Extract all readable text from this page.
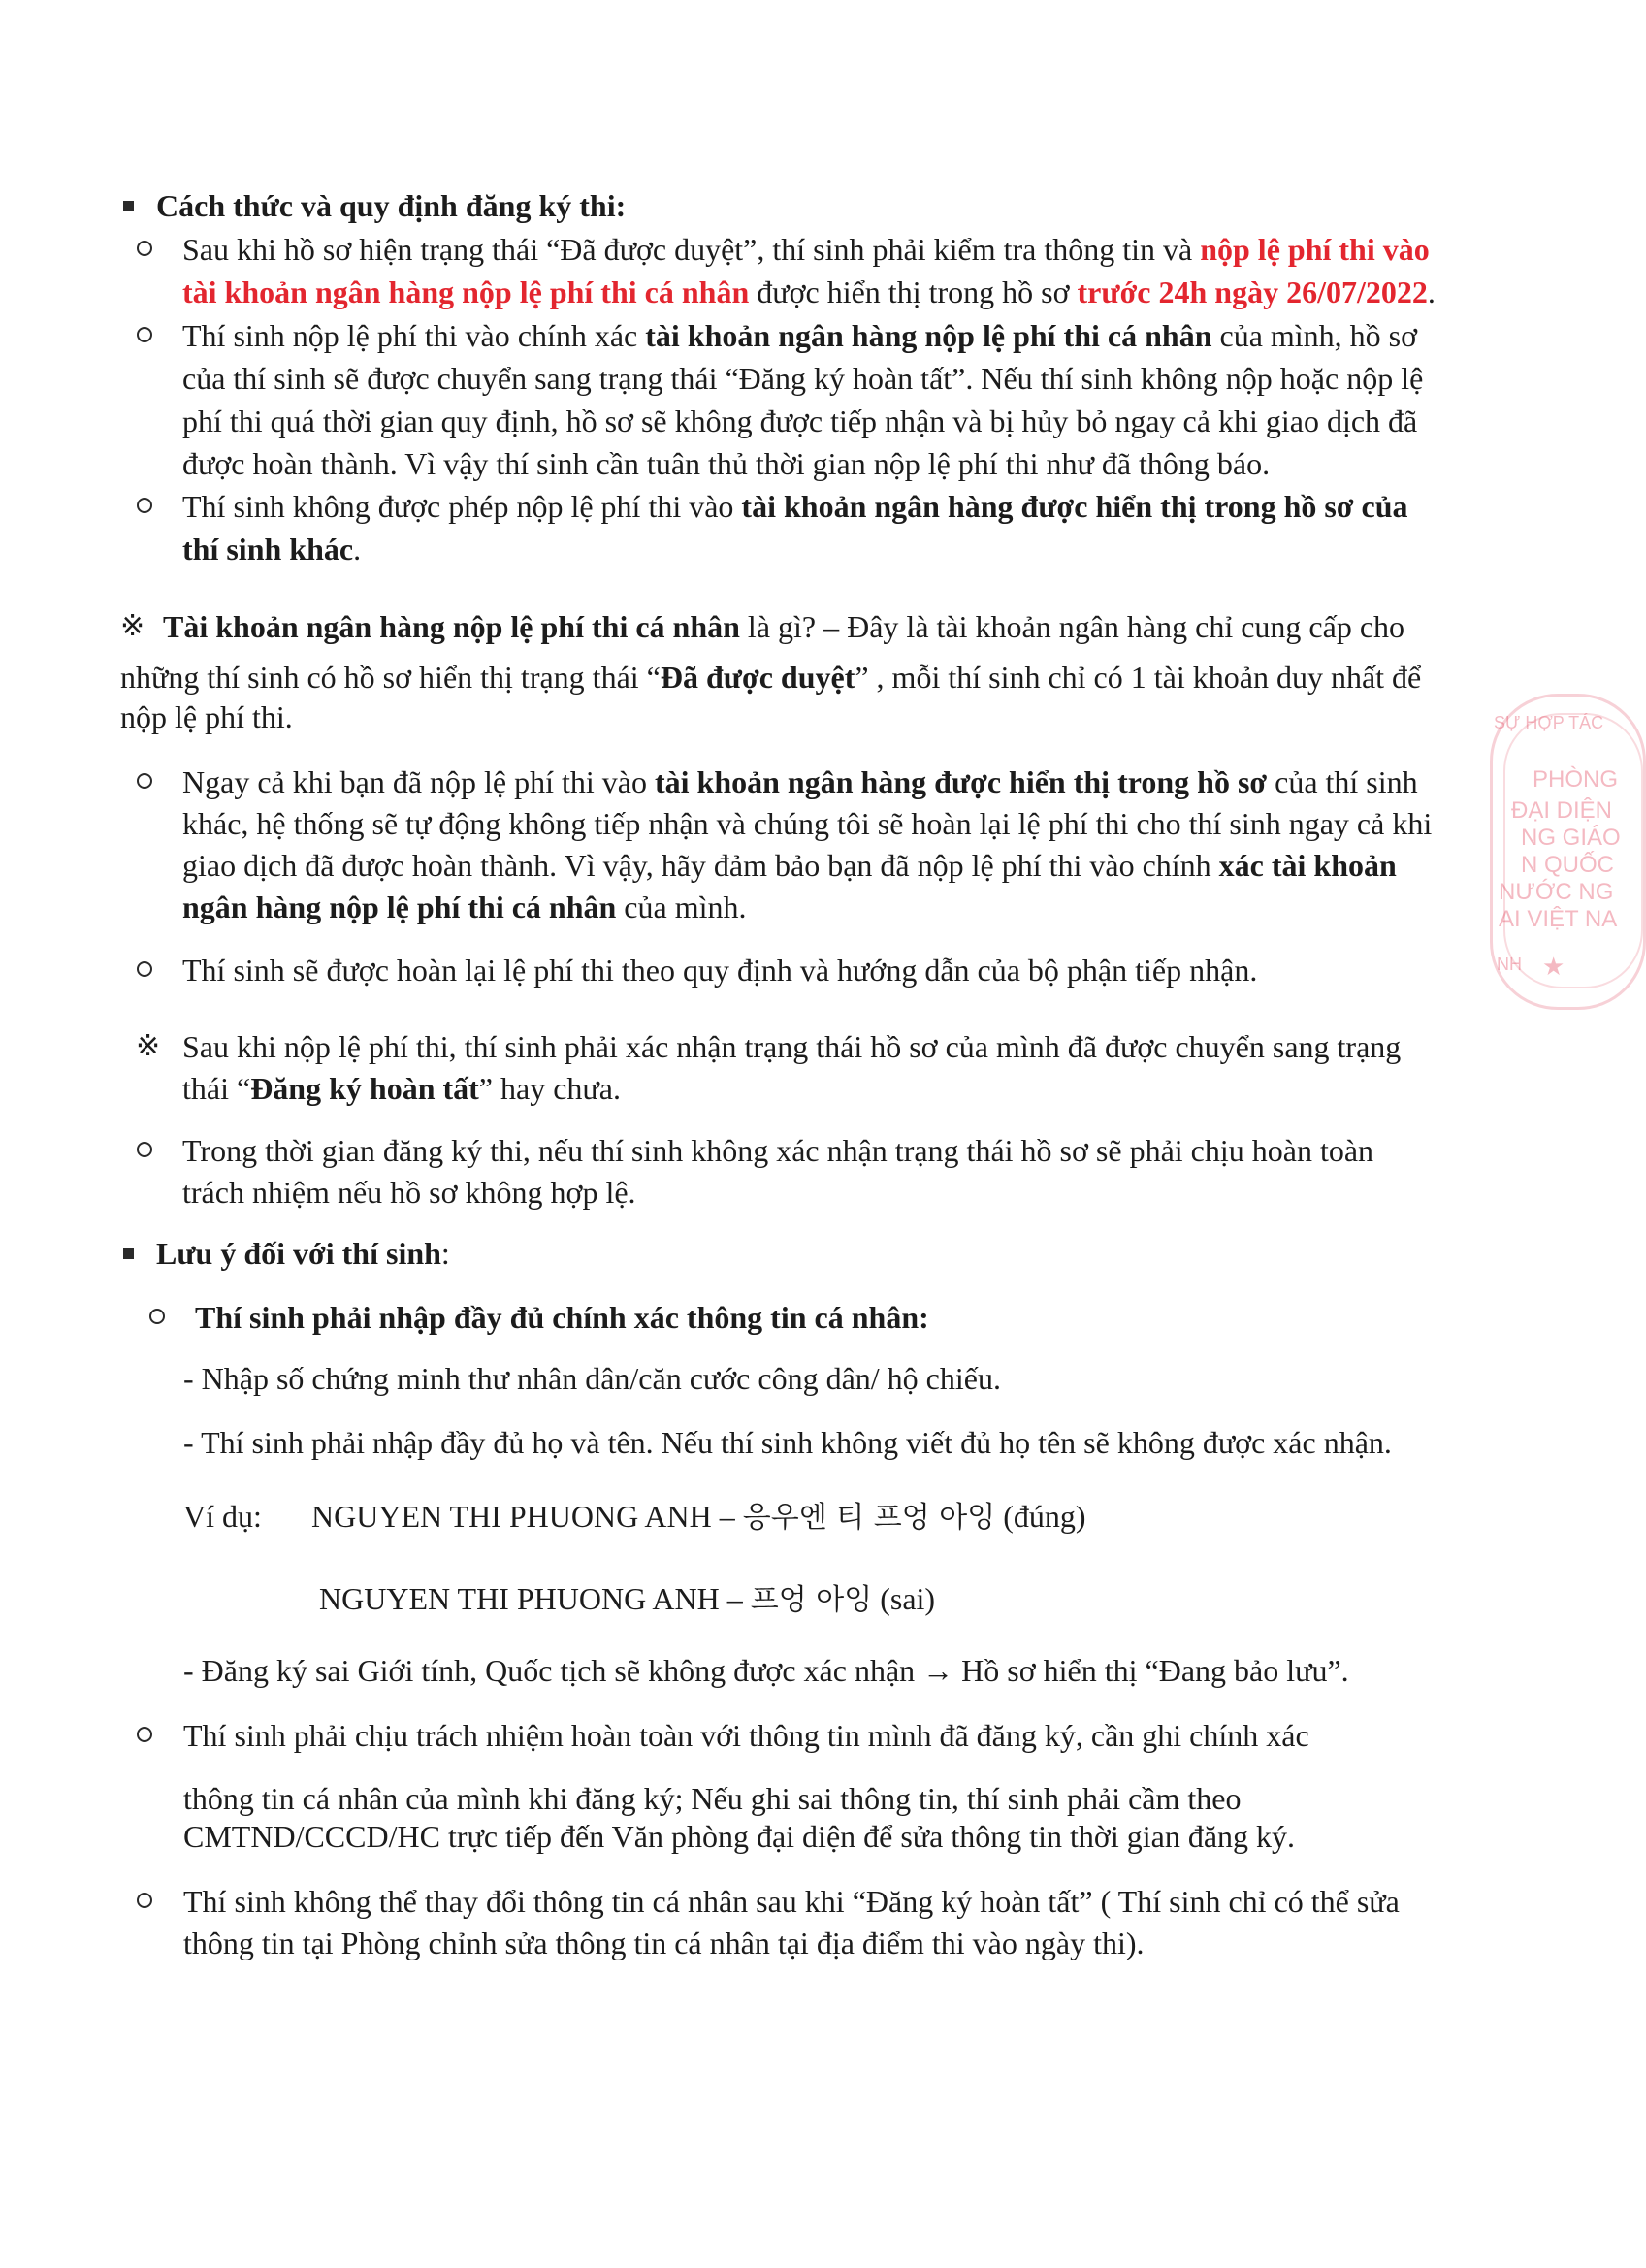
Cách thức và quy định đăng ký thi:
Sau khi hồ sơ hiện trạng thái “Đã được duyệt”, thí sinh phải kiểm tra thông tin và nộp lệ phí thi vào
tài khoản ngân hàng nộp lệ phí thi cá nhân được hiển thị trong hồ sơ trước 24h ngày 26/07/2022.
Thí sinh nộp lệ phí thi vào chính xác tài khoản ngân hàng nộp lệ phí thi cá nhân của mình, hồ sơ
của thí sinh sẽ được chuyển sang trạng thái “Đăng ký hoàn tất”. Nếu thí sinh không nộp hoặc nộp lệ
phí thi quá thời gian quy định, hồ sơ sẽ không được tiếp nhận và bị hủy bỏ ngay cả khi giao dịch đã
được hoàn thành. Vì vậy thí sinh cần tuân thủ thời gian nộp lệ phí thi như đã thông báo.
Thí sinh không được phép nộp lệ phí thi vào tài khoản ngân hàng được hiển thị trong hồ sơ của
thí sinh khác.
※ Tài khoản ngân hàng nộp lệ phí thi cá nhân là gì? – Đây là tài khoản ngân hàng chỉ cung cấp cho
những thí sinh có hồ sơ hiển thị trạng thái “Đã được duyệt” , mỗi thí sinh chỉ có 1 tài khoản duy nhất để
nộp lệ phí thi.
Ngay cả khi bạn đã nộp lệ phí thi vào tài khoản ngân hàng được hiển thị trong hồ sơ của thí sinh
khác, hệ thống sẽ tự động không tiếp nhận và chúng tôi sẽ hoàn lại lệ phí thi cho thí sinh ngay cả khi
giao dịch đã được hoàn thành. Vì vậy, hãy đảm bảo bạn đã nộp lệ phí thi vào chính xác tài khoản
ngân hàng nộp lệ phí thi cá nhân của mình.
Thí sinh sẽ được hoàn lại lệ phí thi theo quy định và hướng dẫn của bộ phận tiếp nhận.
※ Sau khi nộp lệ phí thi, thí sinh phải xác nhận trạng thái hồ sơ của mình đã được chuyển sang trạng
thái “Đăng ký hoàn tất” hay chưa.
Trong thời gian đăng ký thi, nếu thí sinh không xác nhận trạng thái hồ sơ sẽ phải chịu hoàn toàn
trách nhiệm nếu hồ sơ không hợp lệ.
Lưu ý đối với thí sinh:
Thí sinh phải nhập đầy đủ chính xác thông tin cá nhân:
- Nhập số chứng minh thư nhân dân/căn cước công dân/ hộ chiếu.
- Thí sinh phải nhập đầy đủ họ và tên. Nếu thí sinh không viết đủ họ tên sẽ không được xác nhận.
Ví dụ: NGUYEN THI PHUONG ANH – 응우엔 티 프엉 아잉 (đúng)
NGUYEN THI PHUONG ANH – 프엉 아잉 (sai)
- Đăng ký sai Giới tính, Quốc tịch sẽ không được xác nhận → Hồ sơ hiển thị “Đang bảo lưu”.
Thí sinh phải chịu trách nhiệm hoàn toàn với thông tin mình đã đăng ký, cần ghi chính xác
thông tin cá nhân của mình khi đăng ký; Nếu ghi sai thông tin, thí sinh phải cầm theo
CMTND/CCCD/HC trực tiếp đến Văn phòng đại diện để sửa thông tin thời gian đăng ký.
Thí sinh không thể thay đổi thông tin cá nhân sau khi “Đăng ký hoàn tất” ( Thí sinh chỉ có thể sửa
thông tin tại Phòng chỉnh sửa thông tin cá nhân tại địa điểm thi vào ngày thi).
SỰ HỢP TÁC
PHÒNG
ĐẠI DIỆN
NG GIÁO
N QUỐC
NƯỚC NG
AI VIỆT NA
NH ★
